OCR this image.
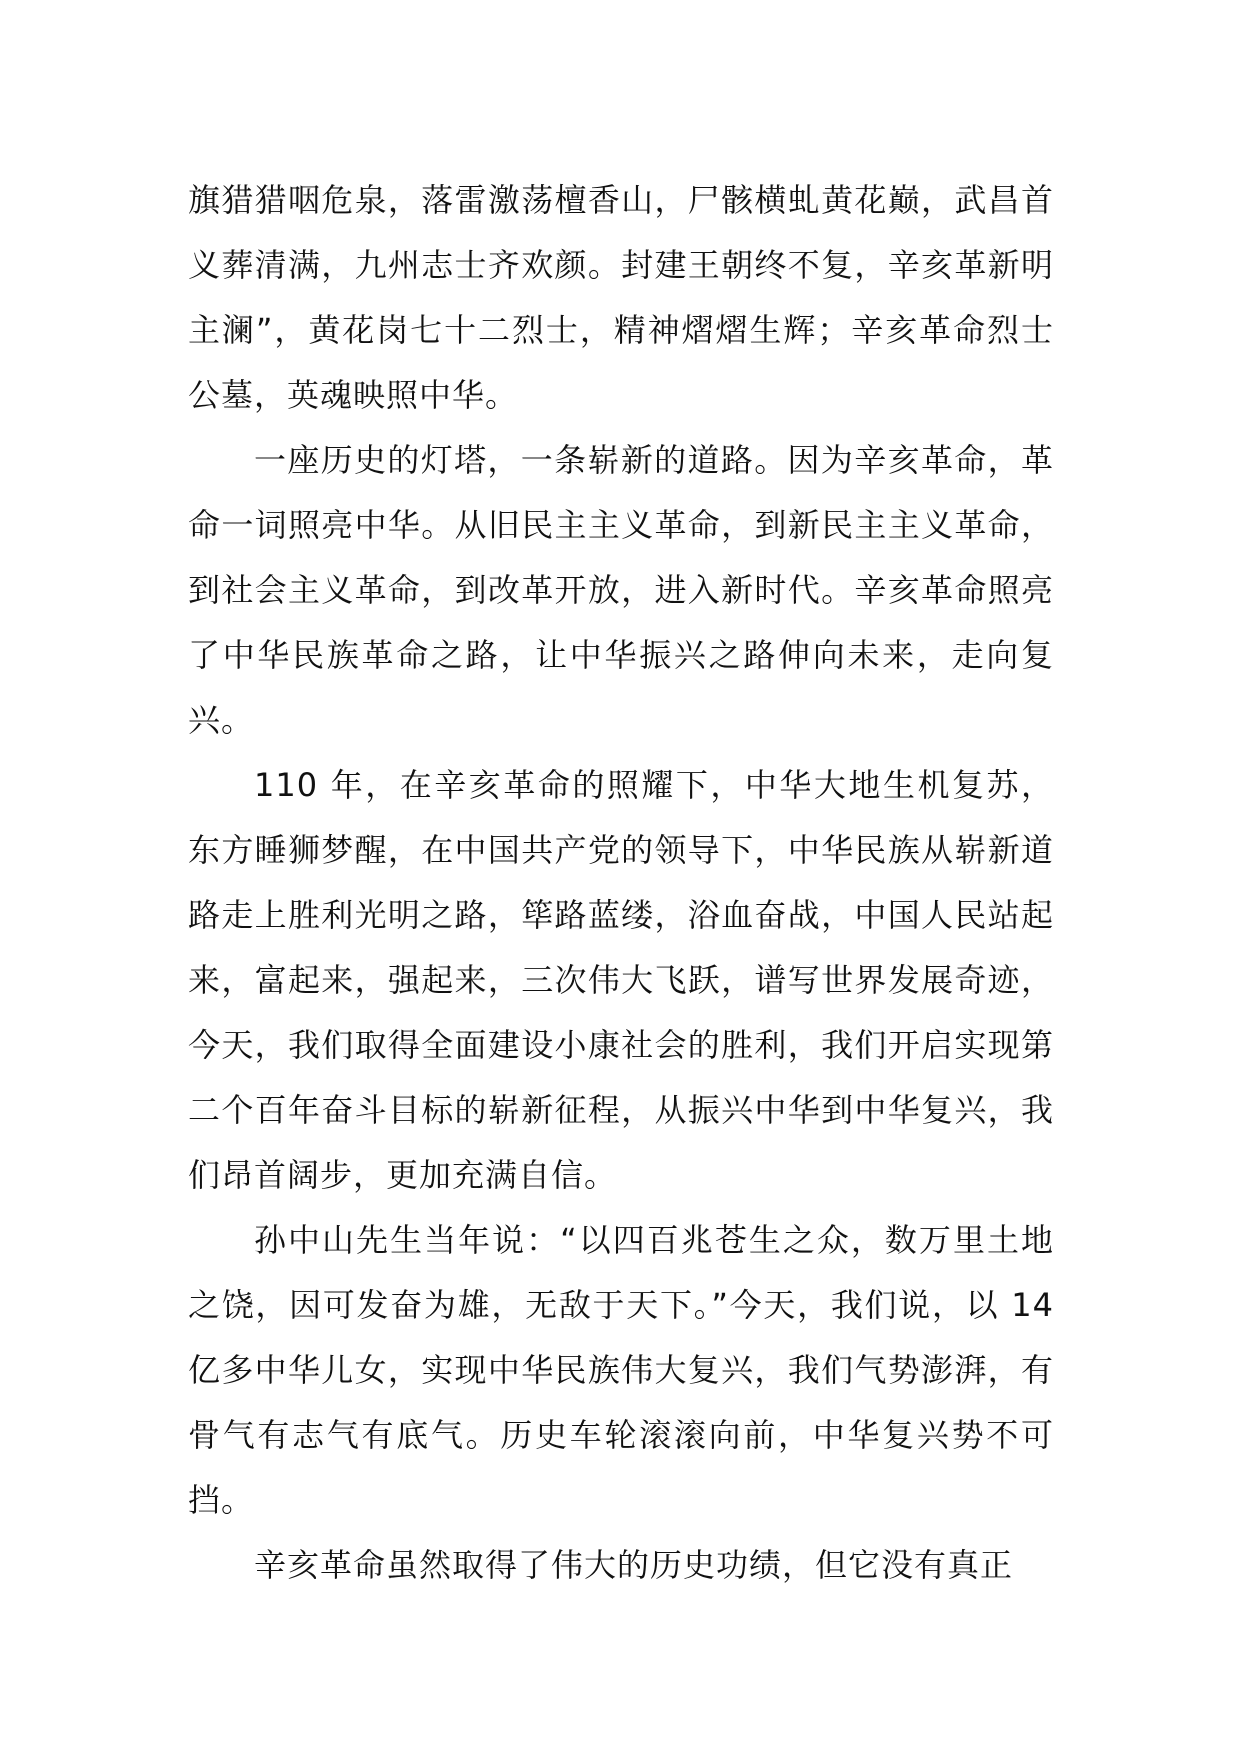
旗猎猎咽危泉，落雷激荡檀香山，尸骸横虬黄花巅，武昌首义葬清满，九州志士齐欢颜。封建王朝终不复，辛亥革新明主澜”，黄花岗七十二烈士，精神熠熠生辉；辛亥革命烈士公墓，英魂映照中华。

一座历史的灯塔，一条崭新的道路。因为辛亥革命，革命一词照亮中华。从旧民主主义革命，到新民主主义革命，到社会主义革命，到改革开放，进入新时代。辛亥革命照亮了中华民族革命之路，让中华振兴之路伸向未来，走向复兴。

110 年，在辛亥革命的照耀下，中华大地生机复苏，东方睡狮梦醒，在中国共产党的领导下，中华民族从崭新道路走上胜利光明之路，筚路蓝缕，浴血奋战，中国人民站起来，富起来，强起来，三次伟大飞跃，谱写世界发展奇迹，今天，我们取得全面建设小康社会的胜利，我们开启实现第二个百年奋斗目标的崭新征程，从振兴中华到中华复兴，我们昂首阔步，更加充满自信。

孙中山先生当年说：“以四百兆苍生之众，数万里土地之饶，因可发奋为雄，无敌于天下。”今天，我们说，以 14 亿多中华儿女，实现中华民族伟大复兴，我们气势澎湃，有骨气有志气有底气。历史车轮滚滚向前，中华复兴势不可挡。

辛亥革命虽然取得了伟大的历史功绩，但它没有真正
